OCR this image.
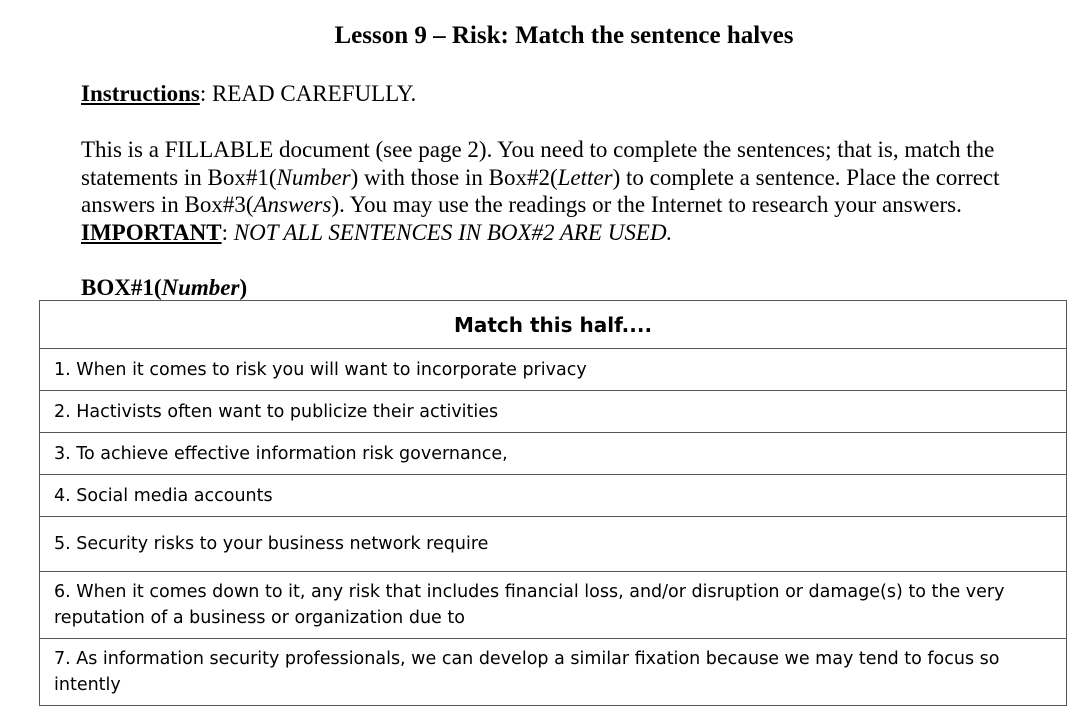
Lesson 9 – Risk: Match the sentence halves
Instructions: READ CAREFULLY.
This is a FILLABLE document (see page 2). You need to complete the sentences; that is, match the
statements in Box#1(Number) with those in Box#2(Letter) to complete a sentence. Place the correct
answers in Box#3(Answers). You may use the readings or the Internet to research your answers.
IMPORTANT: NOT ALL SENTENCES IN BOX#2 ARE USED.
BOX#1(Number)
Match this half....
1. When it comes to risk you will want to incorporate privacy
2. Hactivists often want to publicize their activities
3. To achieve effective information risk governance,
4. Social media accounts
5. Security risks to your business network require
6. When it comes down to it, any risk that includes financial loss, and/or disruption or damage(s) to the very reputation of a business or organization due to
7. As information security professionals, we can develop a similar fixation because we may tend to focus so intently
